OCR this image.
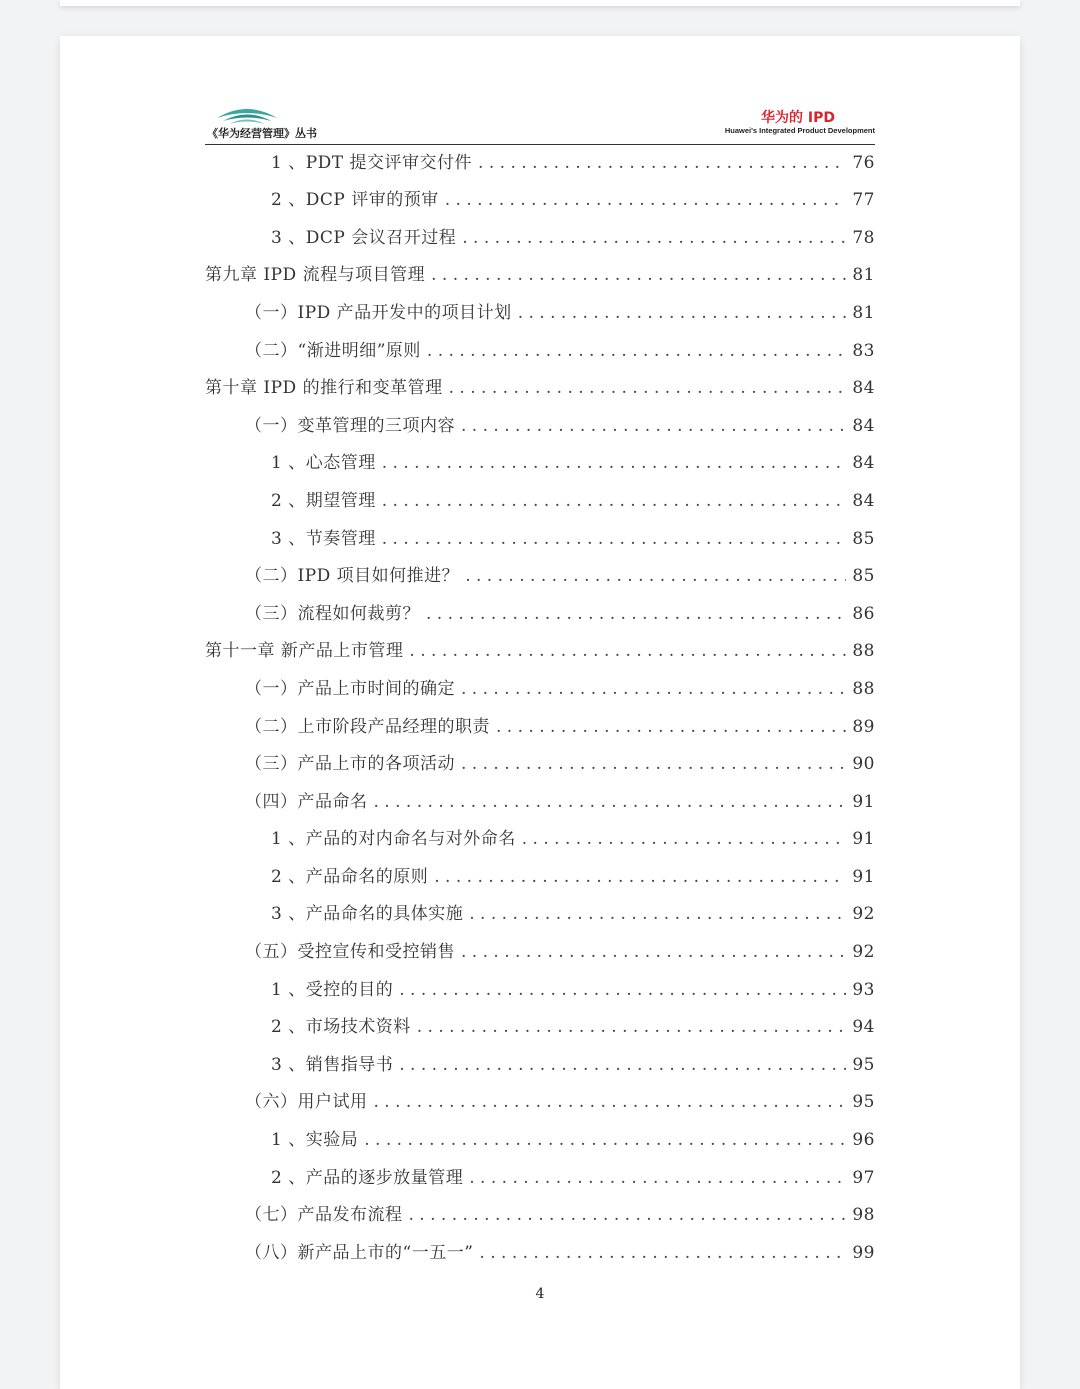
《华为经营管理》丛书
华为的 IPD
Huawei's Integrated Product Development
1 、PDT 提交评审交付件 . . .	76
2 、DCP 评审的预审 . . .	77
3 、DCP 会议召开过程 . . .	78
第九章 IPD 流程与项目管理 . . .	81
（一）IPD 产品开发中的项目计划 . . .	81
（二）“渐进明细”原则 . . .	83
第十章 IPD 的推行和变革管理 . . .	84
（一）变革管理的三项内容 . . .	84
1 、心态管理 . . .	84
2 、期望管理 . . .	84
3 、节奏管理 . . .	85
（二）IPD 项目如何推进？ . . .	85
（三）流程如何裁剪？ . . .	86
第十一章 新产品上市管理 . . .	88
（一）产品上市时间的确定 . . .	88
（二）上市阶段产品经理的职责 . . .	89
（三）产品上市的各项活动 . . .	90
（四）产品命名 . . .	91
1 、产品的对内命名与对外命名 . . .	91
2 、产品命名的原则 . . .	91
3 、产品命名的具体实施 . . .	92
（五）受控宣传和受控销售 . . .	92
1 、受控的目的 . . .	93
2 、市场技术资料 . . .	94
3 、销售指导书 . . .	95
（六）用户试用 . . .	95
1 、实验局 . . .	96
2 、产品的逐步放量管理 . . .	97
（七）产品发布流程 . . .	98
（八）新产品上市的“一五一” . . .	99
4
